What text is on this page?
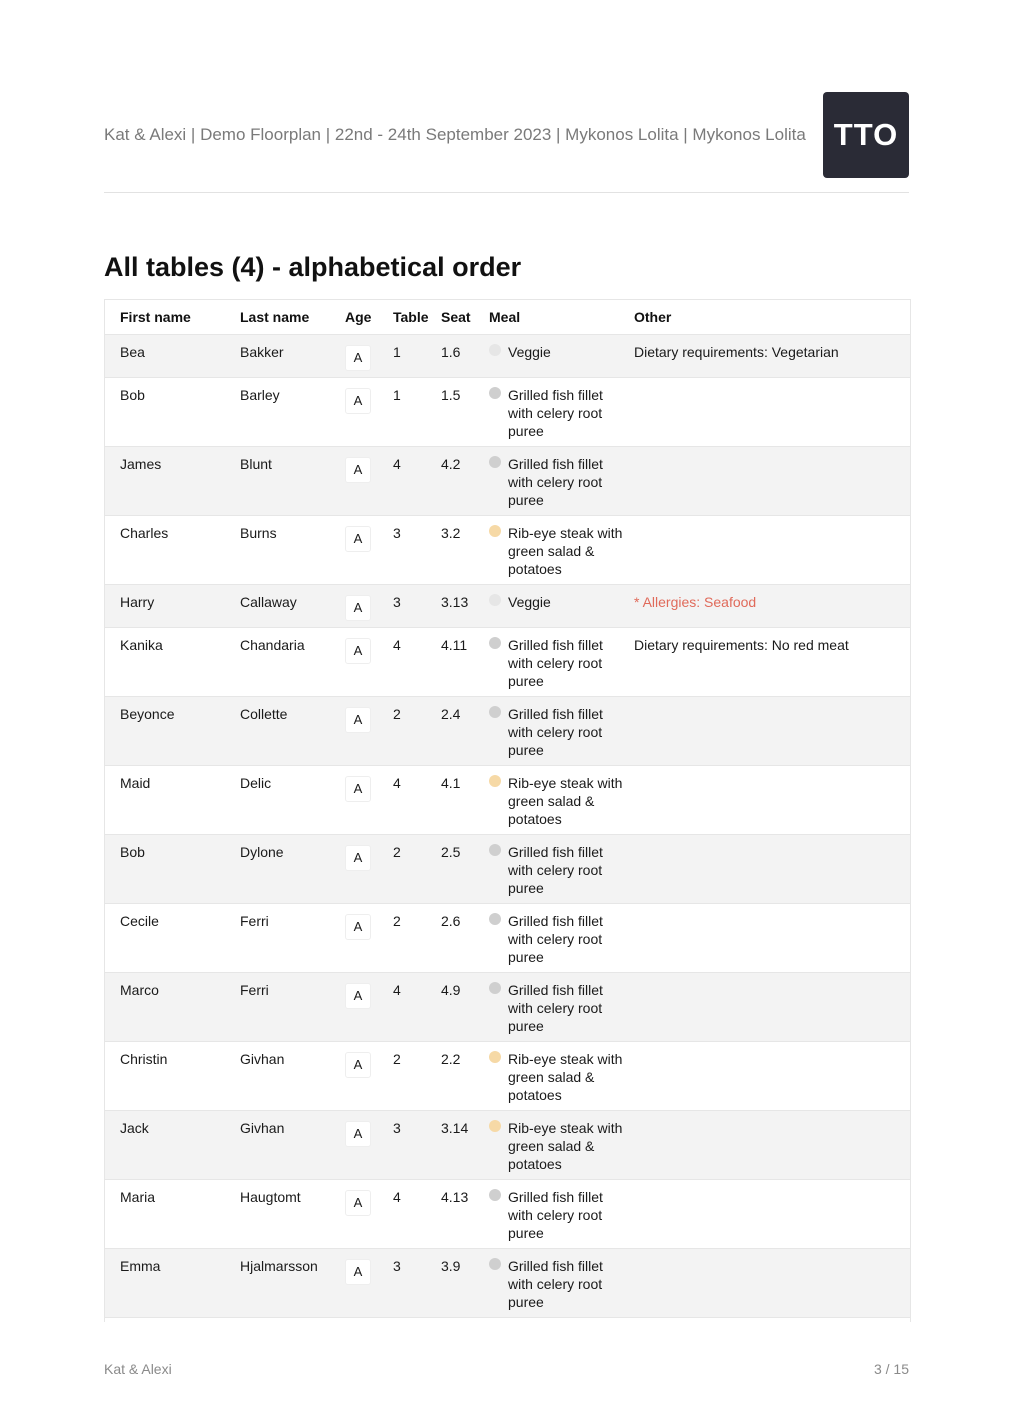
Kat & Alexi | Demo Floorplan | 22nd - 24th September 2023 | Mykonos Lolita | Mykonos Lolita TTO
All tables (4) - alphabetical order
First name	Last name	Age	Table	Seat	Meal	Other
Bea	Bakker	A	1	1.6	Veggie	Dietary requirements: Vegetarian
Bob	Barley	A	1	1.5	Grilled fish fillet with celery root puree	

James	Blunt	A	4	4.2	Grilled fish fillet with celery root puree	

Charles	Burns	A	3	3.2	Rib-eye steak with green salad & potatoes	

Harry	Callaway	A	3	3.13	Veggie	* Allergies: Seafood
Kanika	Chandaria	A	4	4.11	Grilled fish fillet with celery root puree	Dietary requirements: No red meat
Beyonce	Collette	A	2	2.4	Grilled fish fillet with celery root puree	

Maid	Delic	A	4	4.1	Rib-eye steak with green salad & potatoes	

Bob	Dylone	A	2	2.5	Grilled fish fillet with celery root puree	

Cecile	Ferri	A	2	2.6	Grilled fish fillet with celery root puree	

Marco	Ferri	A	4	4.9	Grilled fish fillet with celery root puree	

Christin	Givhan	A	2	2.2	Rib-eye steak with green salad & potatoes	

Jack	Givhan	A	3	3.14	Rib-eye steak with green salad & potatoes	

Maria	Haugtomt	A	4	4.13	Grilled fish fillet with celery root puree	

Emma	Hjalmarsson	A	3	3.9	Grilled fish fillet with celery root puree	

Kat & Alexi	3 / 15
